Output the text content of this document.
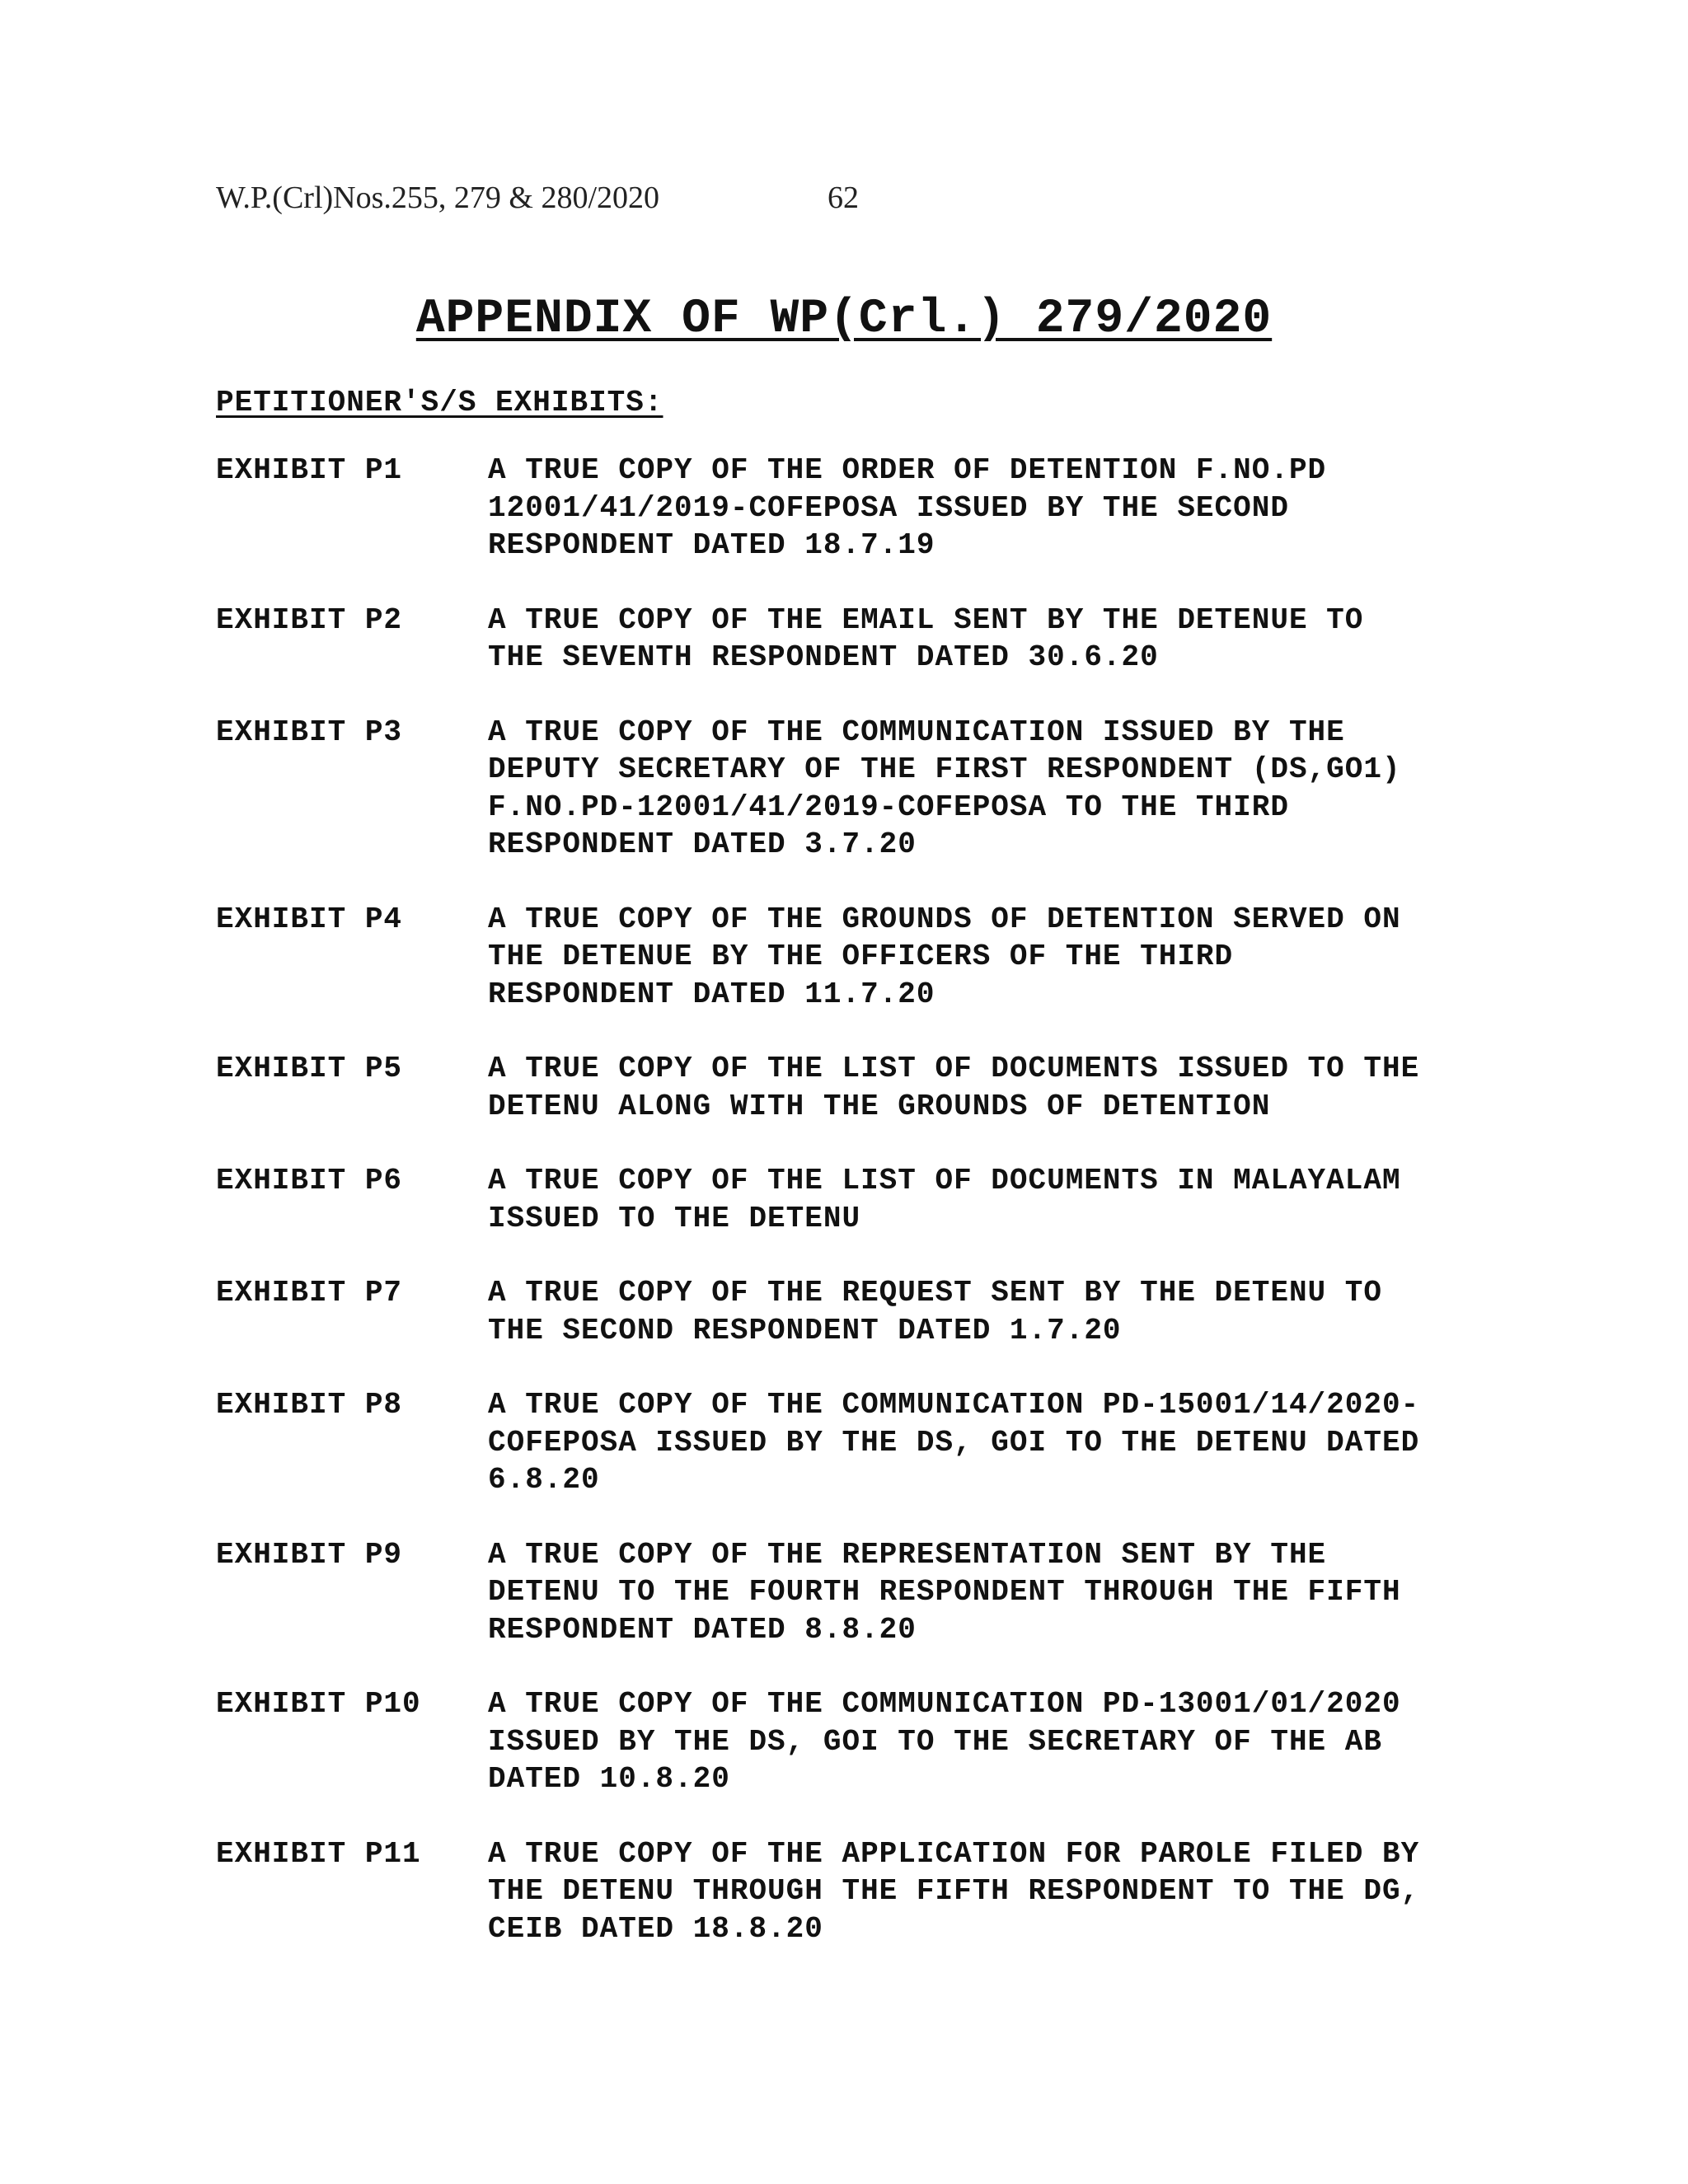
W.P.(Crl)Nos.255, 279 & 280/2020	62
APPENDIX OF WP(Crl.) 279/2020
PETITIONER'S/S EXHIBITS:
EXHIBIT P1	A TRUE COPY OF THE ORDER OF DETENTION F.NO.PD
12001/41/2019-COFEPOSA ISSUED BY THE SECOND
RESPONDENT DATED 18.7.19
EXHIBIT P2	A TRUE COPY OF THE EMAIL SENT BY THE DETENUE TO
THE SEVENTH RESPONDENT DATED 30.6.20
EXHIBIT P3	A TRUE COPY OF THE COMMUNICATION ISSUED BY THE
DEPUTY SECRETARY OF THE FIRST RESPONDENT (DS,GO1)
F.NO.PD-12001/41/2019-COFEPOSA TO THE THIRD
RESPONDENT DATED 3.7.20
EXHIBIT P4	A TRUE COPY OF THE GROUNDS OF DETENTION SERVED ON
THE DETENUE BY THE OFFICERS OF THE THIRD
RESPONDENT DATED 11.7.20
EXHIBIT P5	A TRUE COPY OF THE LIST OF DOCUMENTS ISSUED TO THE
DETENU ALONG WITH THE GROUNDS OF DETENTION
EXHIBIT P6	A TRUE COPY OF THE LIST OF DOCUMENTS IN MALAYALAM
ISSUED TO THE DETENU
EXHIBIT P7	A TRUE COPY OF THE REQUEST SENT BY THE DETENU TO
THE SECOND RESPONDENT DATED 1.7.20
EXHIBIT P8	A TRUE COPY OF THE COMMUNICATION PD-15001/14/2020-
COFEPOSA ISSUED BY THE DS, GOI TO THE DETENU DATED
6.8.20
EXHIBIT P9	A TRUE COPY OF THE REPRESENTATION SENT BY THE
DETENU TO THE FOURTH RESPONDENT THROUGH THE FIFTH
RESPONDENT DATED 8.8.20
EXHIBIT P10	A TRUE COPY OF THE COMMUNICATION PD-13001/01/2020
ISSUED BY THE DS, GOI TO THE SECRETARY OF THE AB
DATED 10.8.20
EXHIBIT P11	A TRUE COPY OF THE APPLICATION FOR PAROLE FILED BY
THE DETENU THROUGH THE FIFTH RESPONDENT TO THE DG,
CEIB DATED 18.8.20
